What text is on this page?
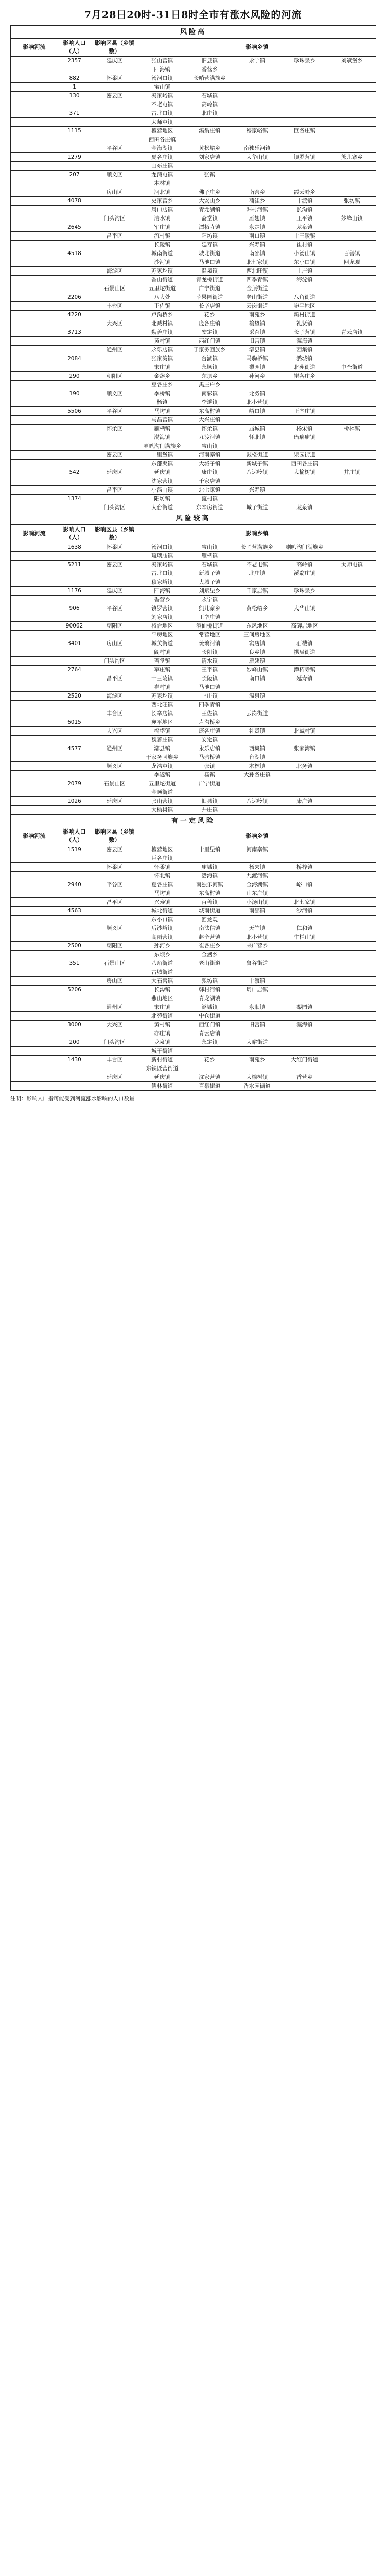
7月28日20时-31日8时全市有涨水风险的河流
风险高			
影响河流	影响人口（人）	影响区县（乡镇数）	影响乡镇
	2357	延庆区	张山营镇 旧县镇 永宁镇 珍珠泉乡 刘斌堡乡

			四海镇 香营乡

	882	怀柔区	汤河口镇 长哨营满族乡

	1		宝山镇

	130	密云区	冯家峪镇 石城镇

			不老屯镇 高岭镇

	371		古北口镇 北庄镇

			太师屯镇

	1115		檀营地区 溪翁庄镇 穆家峪镇 巨各庄镇

			西田各庄镇

		平谷区	金海湖镇 黄松峪乡 南独乐河镇

	1279		夏各庄镇 刘家店镇 大华山镇 镇罗营镇 熊儿寨乡

			山东庄镇

	207	顺义区	龙湾屯镇 张镇

			木林镇

		房山区	河北镇 佛子庄乡 南窖乡 霞云岭乡

	4078		史家营乡 大安山乡 蒲洼乡 十渡镇 张坊镇

			周口店镇 青龙湖镇 韩村河镇 长沟镇

		门头沟区	清水镇 斋堂镇 雁翅镇 王平镇 妙峰山镇

	2645		军庄镇 潭柘寺镇 永定镇 龙泉镇

		昌平区	流村镇 阳坊镇 南口镇 十三陵镇

			长陵镇 延寿镇 兴寿镇 崔村镇

	4518		城南街道 城北街道 南邵镇 小汤山镇 百善镇

			沙河镇 马池口镇 北七家镇 东小口镇 回龙观

		海淀区	苏家坨镇 温泉镇 西北旺镇 上庄镇

			香山街道 青龙桥街道 四季青镇 海淀镇

		石景山区	五里坨街道 广宁街道 金顶街道

	2206		八大处 苹果园街道 老山街道 八角街道

		丰台区	王佐镇 长辛店镇 云岗街道 宛平地区

	4220		卢沟桥乡 花乡 南苑乡 新村街道

		大兴区	北臧村镇 庞各庄镇 榆垡镇 礼贤镇

	3713		魏善庄镇 安定镇 采育镇 长子营镇 青云店镇

			黄村镇 西红门镇 旧宫镇 瀛海镇

		通州区	永乐店镇 于家务回族乡 漷县镇 西集镇

	2084		张家湾镇 台湖镇 马驹桥镇 潞城镇

			宋庄镇 永顺镇 梨园镇 北苑街道 中仓街道

	290	朝阳区	金盏乡 东坝乡 孙河乡 崔各庄乡

			豆各庄乡 黑庄户乡

	190	顺义区	李桥镇 南彩镇 北务镇

			杨镇 李遂镇 北小营镇

	5506	平谷区	马坊镇 东高村镇 峪口镇 王辛庄镇

			马昌营镇 大兴庄镇

		怀柔区	雁栖镇 怀柔镇 庙城镇 杨宋镇 桥梓镇

			渤海镇 九渡河镇 怀北镇 琉璃庙镇

			喇叭沟门满族乡 宝山镇

		密云区	十里堡镇 河南寨镇 鼓楼街道 果园街道

			东邵渠镇 大城子镇 新城子镇 西田各庄镇

	542	延庆区	延庆镇 康庄镇 八达岭镇 大榆树镇 井庄镇

			沈家营镇 千家店镇

		昌平区	小汤山镇 北七家镇 兴寿镇

	1374		阳坊镇 流村镇

		门头沟区	大台街道 东辛房街道 城子街道 龙泉镇

风险较高			
影响河流	影响人口（人）	影响区县（乡镇数）	影响乡镇
	1638	怀柔区	汤河口镇 宝山镇 长哨营满族乡 喇叭沟门满族乡

			琉璃庙镇 雁栖镇

	5211	密云区	冯家峪镇 石城镇 不老屯镇 高岭镇 太师屯镇

			古北口镇 新城子镇 北庄镇 溪翁庄镇

			穆家峪镇 大城子镇

	1176	延庆区	四海镇 刘斌堡乡 千家店镇 珍珠泉乡

			香营乡 永宁镇

	906	平谷区	镇罗营镇 熊儿寨乡 黄松峪乡 大华山镇

			刘家店镇 王辛庄镇

	90062	朝阳区	将台地区 酒仙桥街道 东风地区 高碑店地区

			平房地区 常营地区 三间房地区

	3401	房山区	城关街道 琉璃河镇 窦店镇 石楼镇

			阎村镇 长阳镇 良乡镇 拱辰街道

		门头沟区	斋堂镇 清水镇 雁翅镇

	2764		军庄镇 王平镇 妙峰山镇 潭柘寺镇

		昌平区	十三陵镇 长陵镇 南口镇 延寿镇

			崔村镇 马池口镇

	2520	海淀区	苏家坨镇 上庄镇 温泉镇

			西北旺镇 四季青镇

		丰台区	长辛店镇 王佐镇 云岗街道

	6015		宛平地区 卢沟桥乡

		大兴区	榆垡镇 庞各庄镇 礼贤镇 北臧村镇

			魏善庄镇 安定镇

	4577	通州区	漷县镇 永乐店镇 西集镇 张家湾镇

			于家务回族乡 马驹桥镇 台湖镇

		顺义区	龙湾屯镇 张镇 木林镇 北务镇

			李遂镇 杨镇 大孙各庄镇

	2079	石景山区	五里坨街道 广宁街道

			金顶街道

	1026	延庆区	张山营镇 旧县镇 八达岭镇 康庄镇

			大榆树镇 井庄镇

有一定风险			
影响河流	影响人口（人）	影响区县（乡镇数）	影响乡镇
	1519	密云区	檀营地区 十里堡镇 河南寨镇

			巨各庄镇

		怀柔区	怀柔镇 庙城镇 杨宋镇 桥梓镇

			怀北镇 渤海镇 九渡河镇

	2940	平谷区	夏各庄镇 南独乐河镇 金海湖镇 峪口镇

			马坊镇 东高村镇 山东庄镇

		昌平区	兴寿镇 百善镇 小汤山镇 北七家镇

	4563		城北街道 城南街道 南邵镇 沙河镇

			东小口镇 回龙观

		顺义区	后沙峪镇 南法信镇 天竺镇 仁和镇

			高丽营镇 赵全营镇 北小营镇 牛栏山镇

	2500	朝阳区	孙河乡 崔各庄乡 来广营乡

			东坝乡 金盏乡

	351	石景山区	八角街道 老山街道 鲁谷街道

			古城街道

		房山区	大石窝镇 张坊镇 十渡镇

	5206		长沟镇 韩村河镇 周口店镇

			燕山地区 青龙湖镇

		通州区	宋庄镇 潞城镇 永顺镇 梨园镇

			北苑街道 中仓街道

	3000	大兴区	黄村镇 西红门镇 旧宫镇 瀛海镇

			亦庄镇 青云店镇

	200	门头沟区	龙泉镇 永定镇 大峪街道

			城子街道

	1430	丰台区	新村街道 花乡 南苑乡 大红门街道

			东铁匠营街道

		延庆区	延庆镇 沈家营镇 大榆树镇 香营乡

			儒林街道 百泉街道 香水园街道
注明：影响人口指可能受到河流涨水影响的人口数量
